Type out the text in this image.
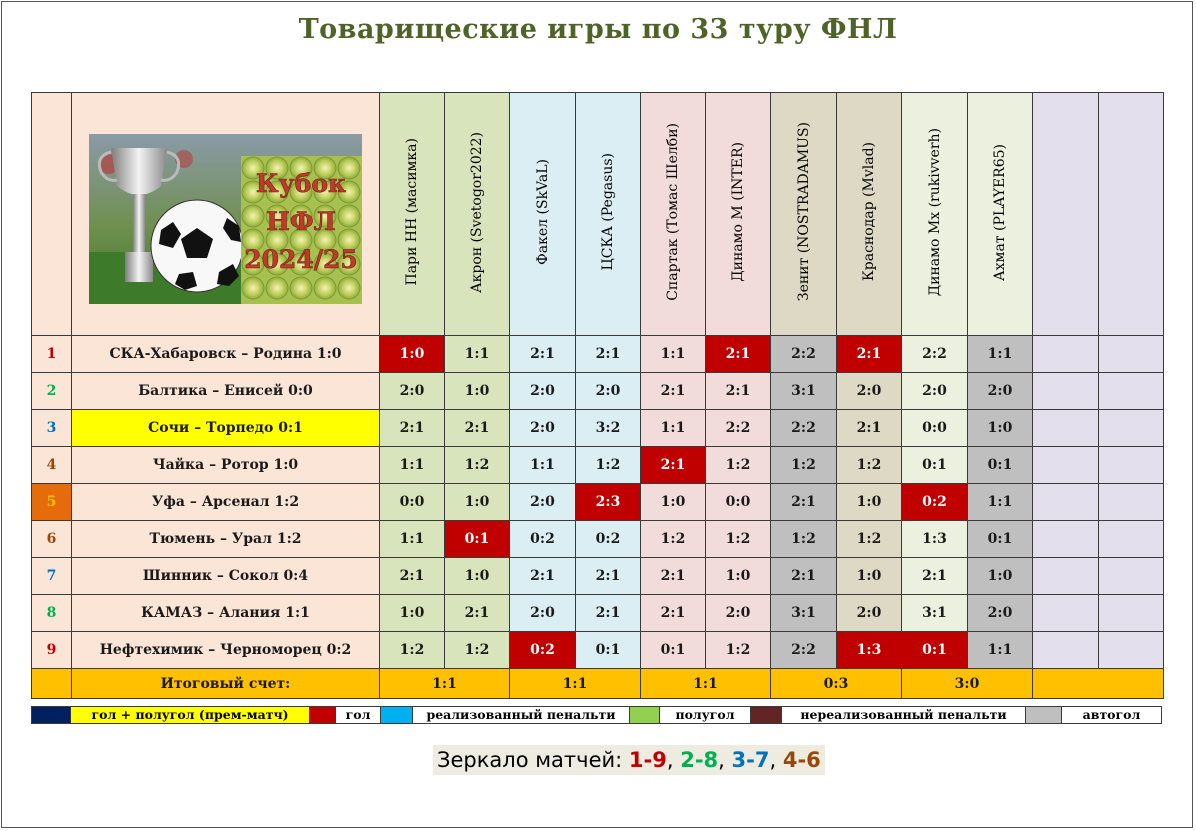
Товарищеские игры по 33 туру ФНЛ
		Пари НН (масимка)	Акрон (Svetogor2022)	Факел (SkVaL)	ЦСКА (Pegasus)	Спартак (Томас Шелби)	Динамо М (INTER)	Зенит (NOSTRADAMUS)	Краснодар (Mvlad)	Динамо Мх (rukivverh)	Ахмат (PLAYER65)		
1	СКА-Хабаровск – Родина 1:0	1:0	1:1	2:1	2:1	1:1	2:1	2:2	2:1	2:2	1:1		
2	Балтика – Енисей 0:0	2:0	1:0	2:0	2:0	2:1	2:1	3:1	2:0	2:0	2:0		
3	Сочи – Торпедо 0:1	2:1	2:1	2:0	3:2	1:1	2:2	2:2	2:1	0:0	1:0		
4	Чайка – Ротор 1:0	1:1	1:2	1:1	1:2	2:1	1:2	1:2	1:2	0:1	0:1		
5	Уфа – Арсенал 1:2	0:0	1:0	2:0	2:3	1:0	0:0	2:1	1:0	0:2	1:1		
6	Тюмень – Урал 1:2	1:1	0:1	0:2	0:2	1:2	1:2	1:2	1:2	1:3	0:1		
7	Шинник – Сокол 0:4	2:1	1:0	2:1	2:1	2:1	1:0	2:1	1:0	2:1	1:0		
8	КАМАЗ – Алания 1:1	1:0	2:1	2:0	2:1	2:1	2:0	3:1	2:0	3:1	2:0		
9	Нефтехимик – Черноморец 0:2	1:2	1:2	0:2	0:1	0:1	1:2	2:2	1:3	0:1	1:1		
	Итоговый счет:	1:1		1:1		1:1		0:3		3:0			
Кубок
НФЛ
2024/25
гол + полугол (прем-матч)	гол	реализованный пенальти	полугол	нереализованный пенальти	автогол
Зеркало матчей: 1-9, 2-8, 3-7, 4-6
